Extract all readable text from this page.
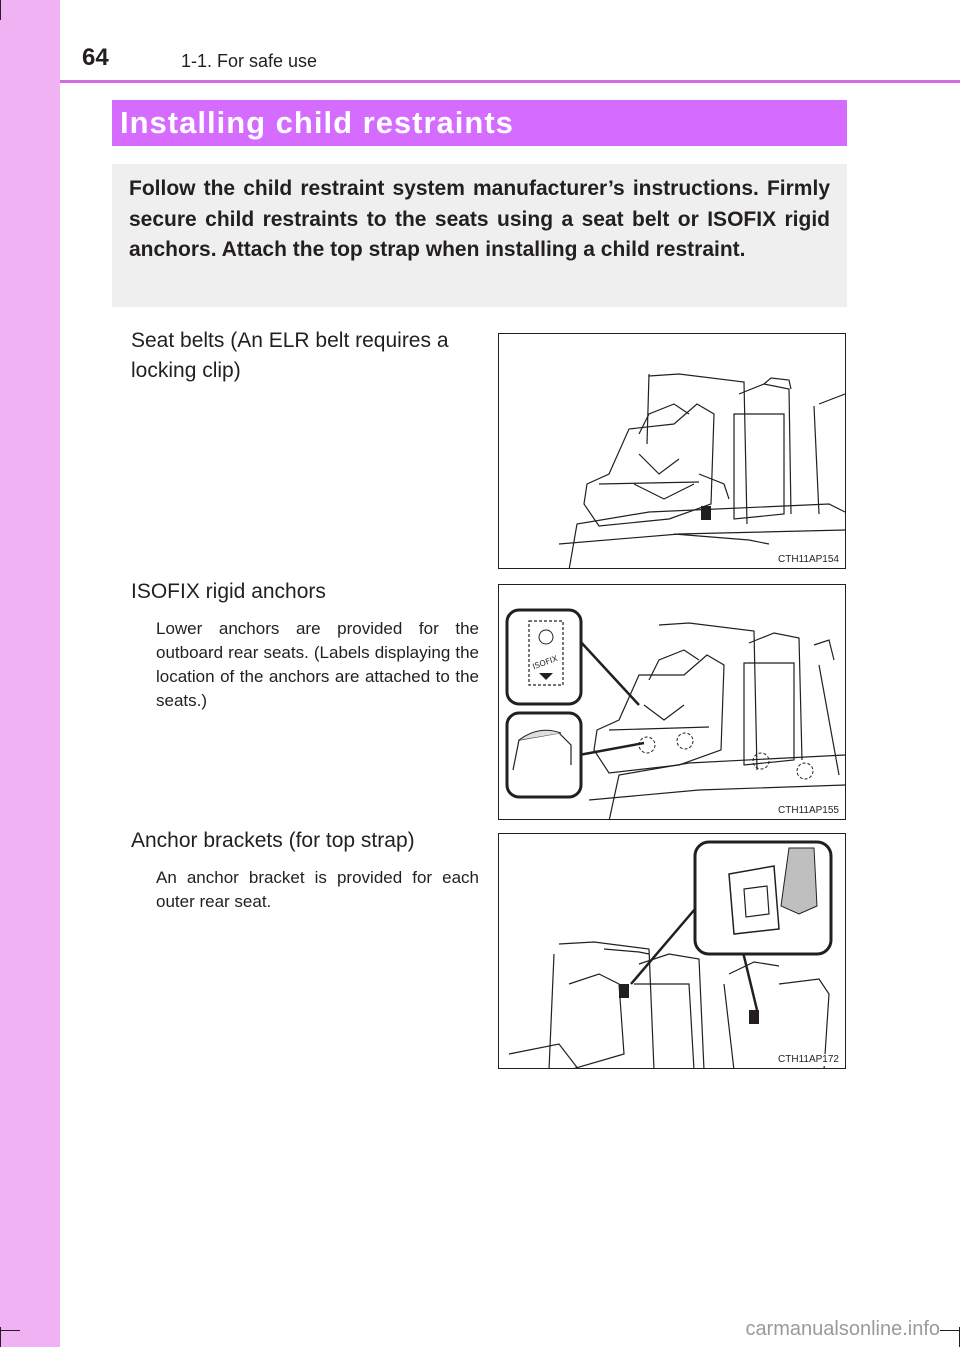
64	1-1. For safe use
Installing child restraints

Follow the child restraint system manufacturer’s instructions. Firmly secure child restraints to the seats using a seat belt or ISOFIX rigid anchors. Attach the top strap when installing a child restraint.

Seat belts (An ELR belt requires a locking clip)
CTH11AP154
ISOFIX rigid anchors

Lower anchors are provided for the outboard rear seats. (Labels displaying the location of the anchors are attached to the seats.)

ISOFIX
CTH11AP155
Anchor brackets (for top strap)

An anchor bracket is provided for each outer rear seat.

CTH11AP172
carmanualsonline.info
